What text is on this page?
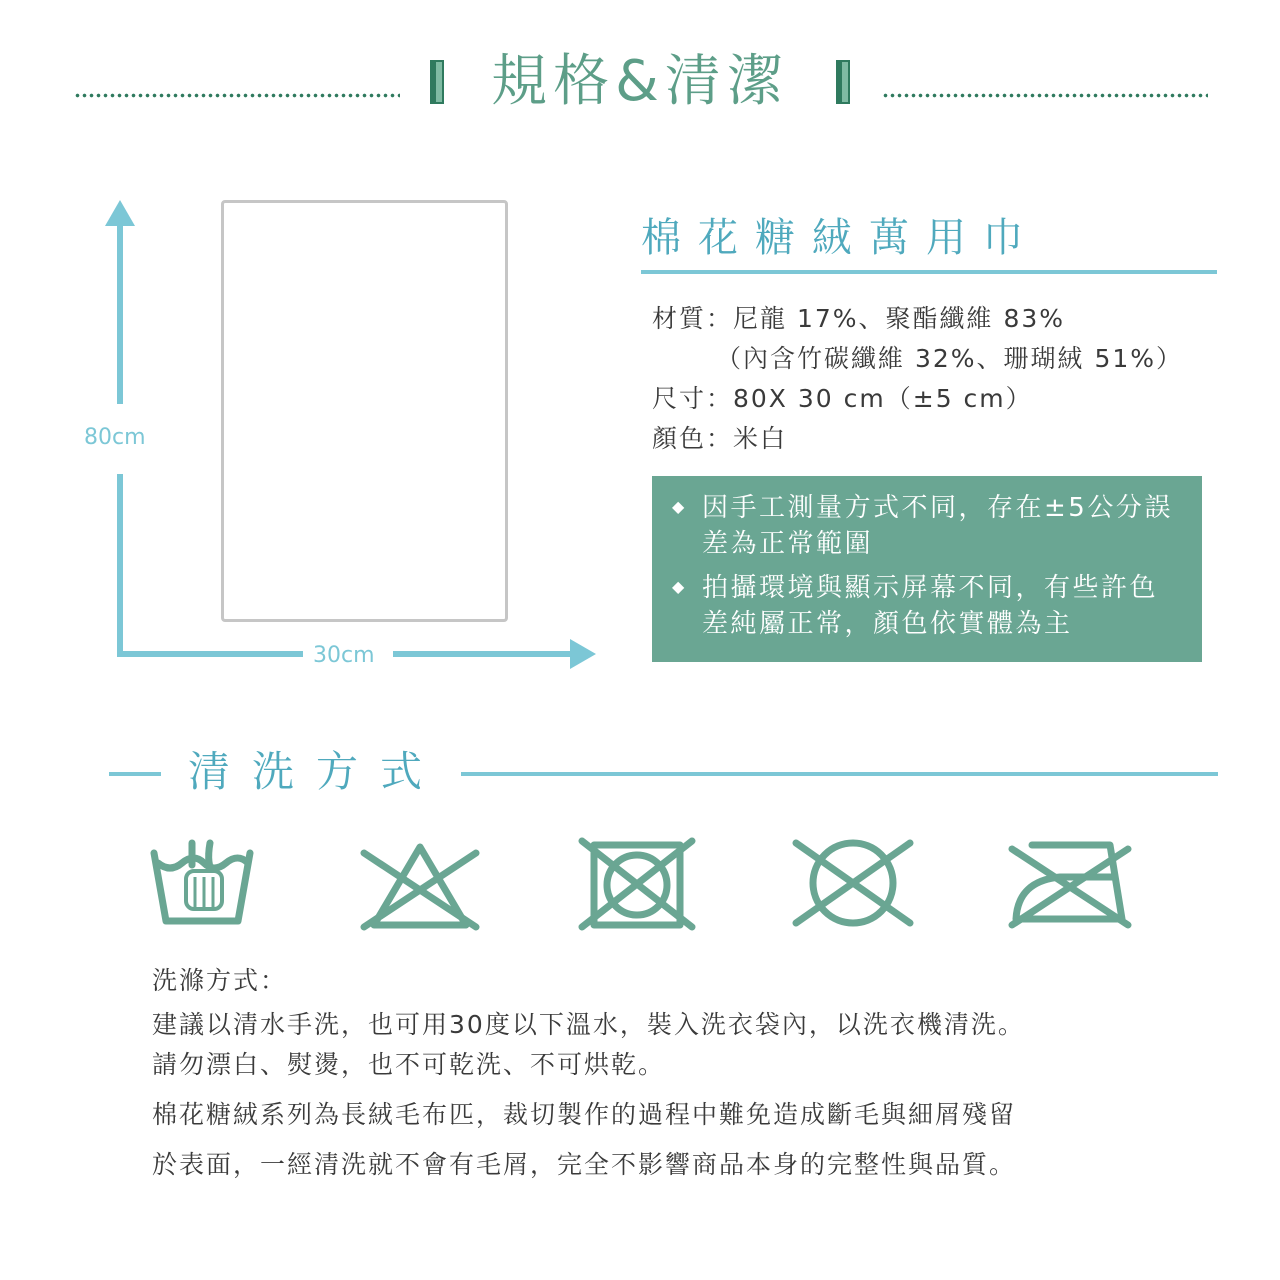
規格&清潔
80cm
30cm
棉花糖絨萬用巾
材質：尼龍 17%、聚酯纖維 83%
（內含竹碳纖維 32%、珊瑚絨 51%）
尺寸：80Ⅹ 30 cm（±5 cm）
顏色：米白
◆ 因手工測量方式不同，存在±5公分誤
差為正常範圍
◆ 拍攝環境與顯示屏幕不同，有些許色
差純屬正常，顏色依實體為主
清洗方式
洗滌方式：
建議以清水手洗，也可用30度以下溫水，裝入洗衣袋內，以洗衣機清洗。
請勿漂白、熨燙，也不可乾洗、不可烘乾。
棉花糖絨系列為長絨毛布匹，裁切製作的過程中難免造成斷毛與細屑殘留
於表面，一經清洗就不會有毛屑，完全不影響商品本身的完整性與品質。
